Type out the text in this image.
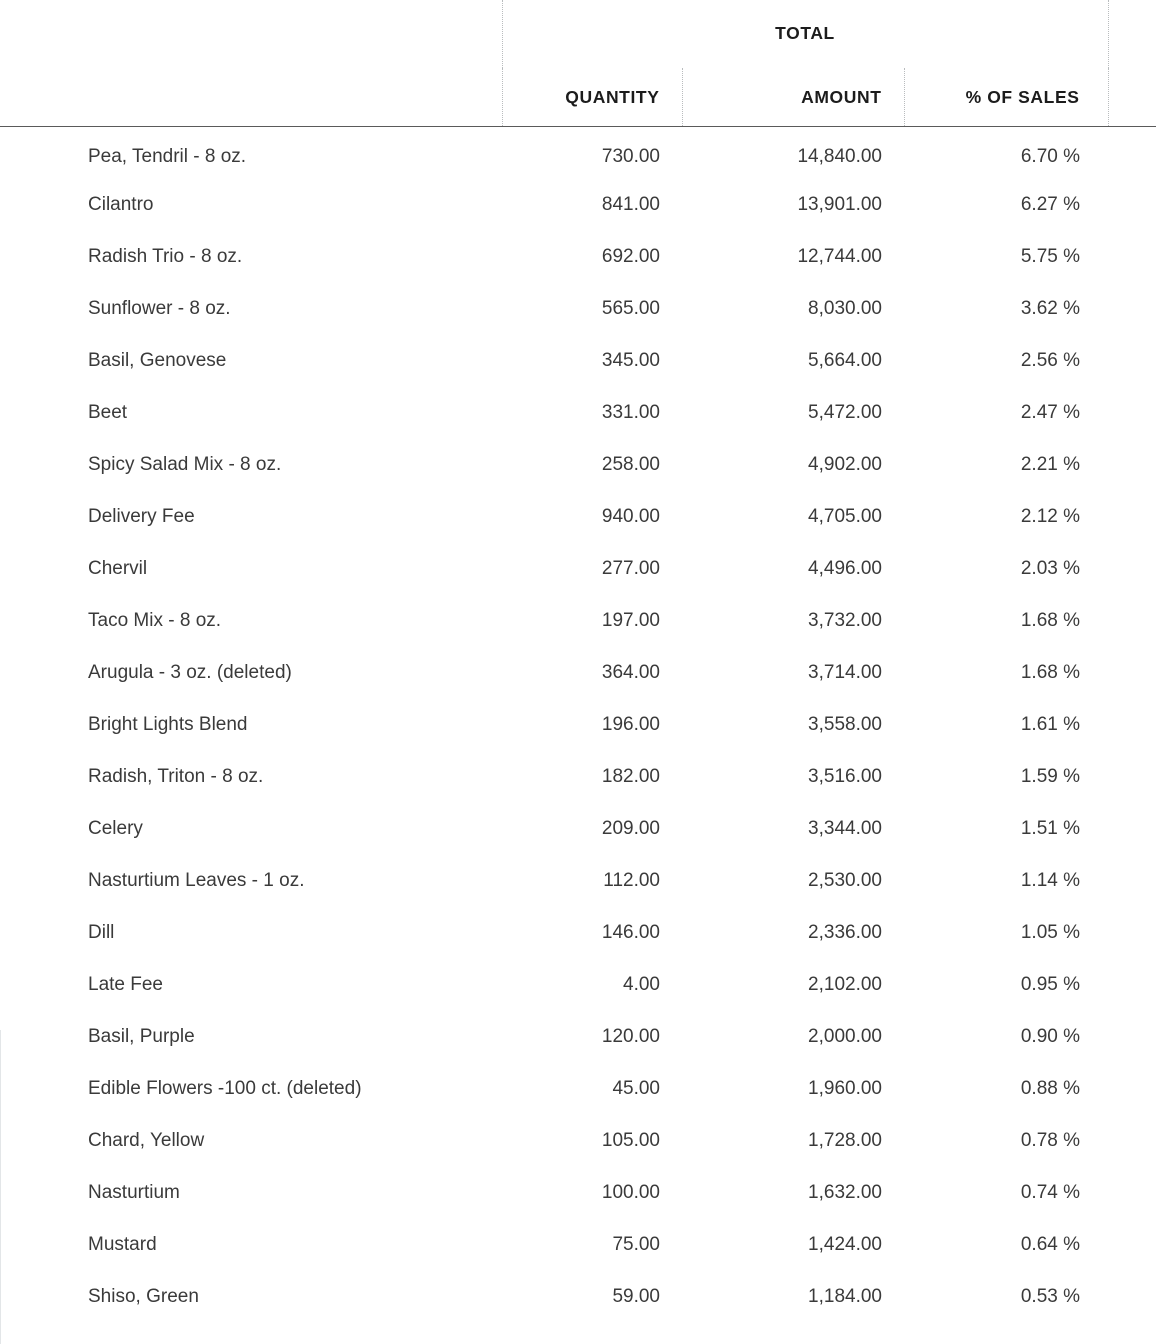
	TOTAL			

	QUANTITY	AMOUNT	% OF SALES	
Pea, Tendril - 8 oz.	730.00	14,840.00	6.70 %	
Cilantro	841.00	13,901.00	6.27 %	
Radish Trio - 8 oz.	692.00	12,744.00	5.75 %	
Sunflower - 8 oz.	565.00	8,030.00	3.62 %	
Basil, Genovese	345.00	5,664.00	2.56 %	
Beet	331.00	5,472.00	2.47 %	
Spicy Salad Mix - 8 oz.	258.00	4,902.00	2.21 %	
Delivery Fee	940.00	4,705.00	2.12 %	
Chervil	277.00	4,496.00	2.03 %	
Taco Mix - 8 oz.	197.00	3,732.00	1.68 %	
Arugula - 3 oz. (deleted)	364.00	3,714.00	1.68 %	
Bright Lights Blend	196.00	3,558.00	1.61 %	
Radish, Triton - 8 oz.	182.00	3,516.00	1.59 %	
Celery	209.00	3,344.00	1.51 %	
Nasturtium Leaves - 1 oz.	112.00	2,530.00	1.14 %	
Dill	146.00	2,336.00	1.05 %	
Late Fee	4.00	2,102.00	0.95 %	
Basil, Purple	120.00	2,000.00	0.90 %	
Edible Flowers -100 ct. (deleted)	45.00	1,960.00	0.88 %	
Chard, Yellow	105.00	1,728.00	0.78 %	
Nasturtium	100.00	1,632.00	0.74 %	
Mustard	75.00	1,424.00	0.64 %	
Shiso, Green	59.00	1,184.00	0.53 %	
